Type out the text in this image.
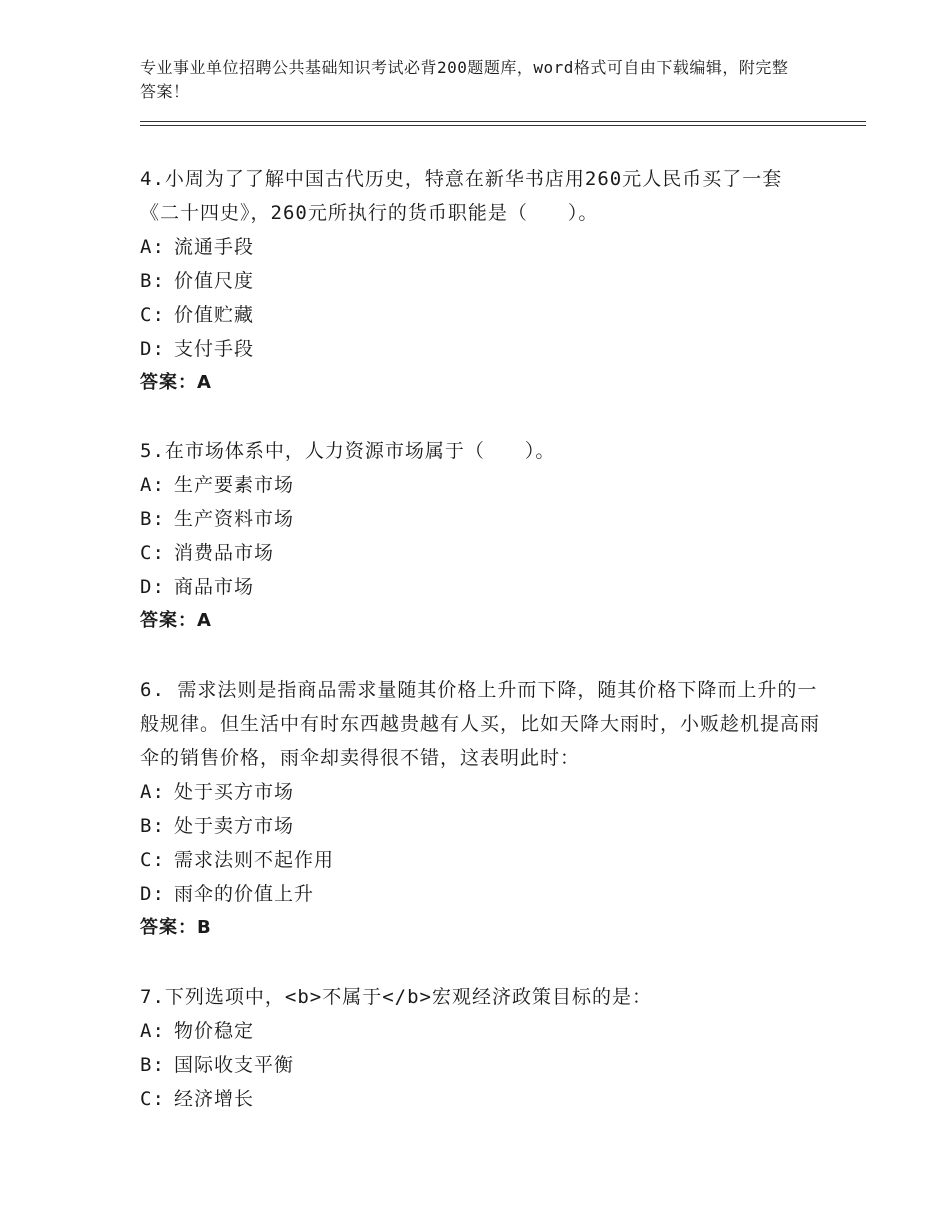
专业事业单位招聘公共基础知识考试必背200题题库，word格式可自由下载编辑，附完整答案！
4.小周为了了解中国古代历史，特意在新华书店用260元人民币买了一套《二十四史》，260元所执行的货币职能是（　　）。
A: 流通手段
B: 价值尺度
C: 价值贮藏
D: 支付手段
答案：A
5.在市场体系中，人力资源市场属于（　　）。
A: 生产要素市场
B: 生产资料市场
C: 消费品市场
D: 商品市场
答案：A
6. 需求法则是指商品需求量随其价格上升而下降，随其价格下降而上升的一般规律。但生活中有时东西越贵越有人买，比如天降大雨时，小贩趁机提高雨伞的销售价格，雨伞却卖得很不错，这表明此时：
A: 处于买方市场
B: 处于卖方市场
C: 需求法则不起作用
D: 雨伞的价值上升
答案：B
7.下列选项中，<b>不属于</b>宏观经济政策目标的是：
A: 物价稳定
B: 国际收支平衡
C: 经济增长
